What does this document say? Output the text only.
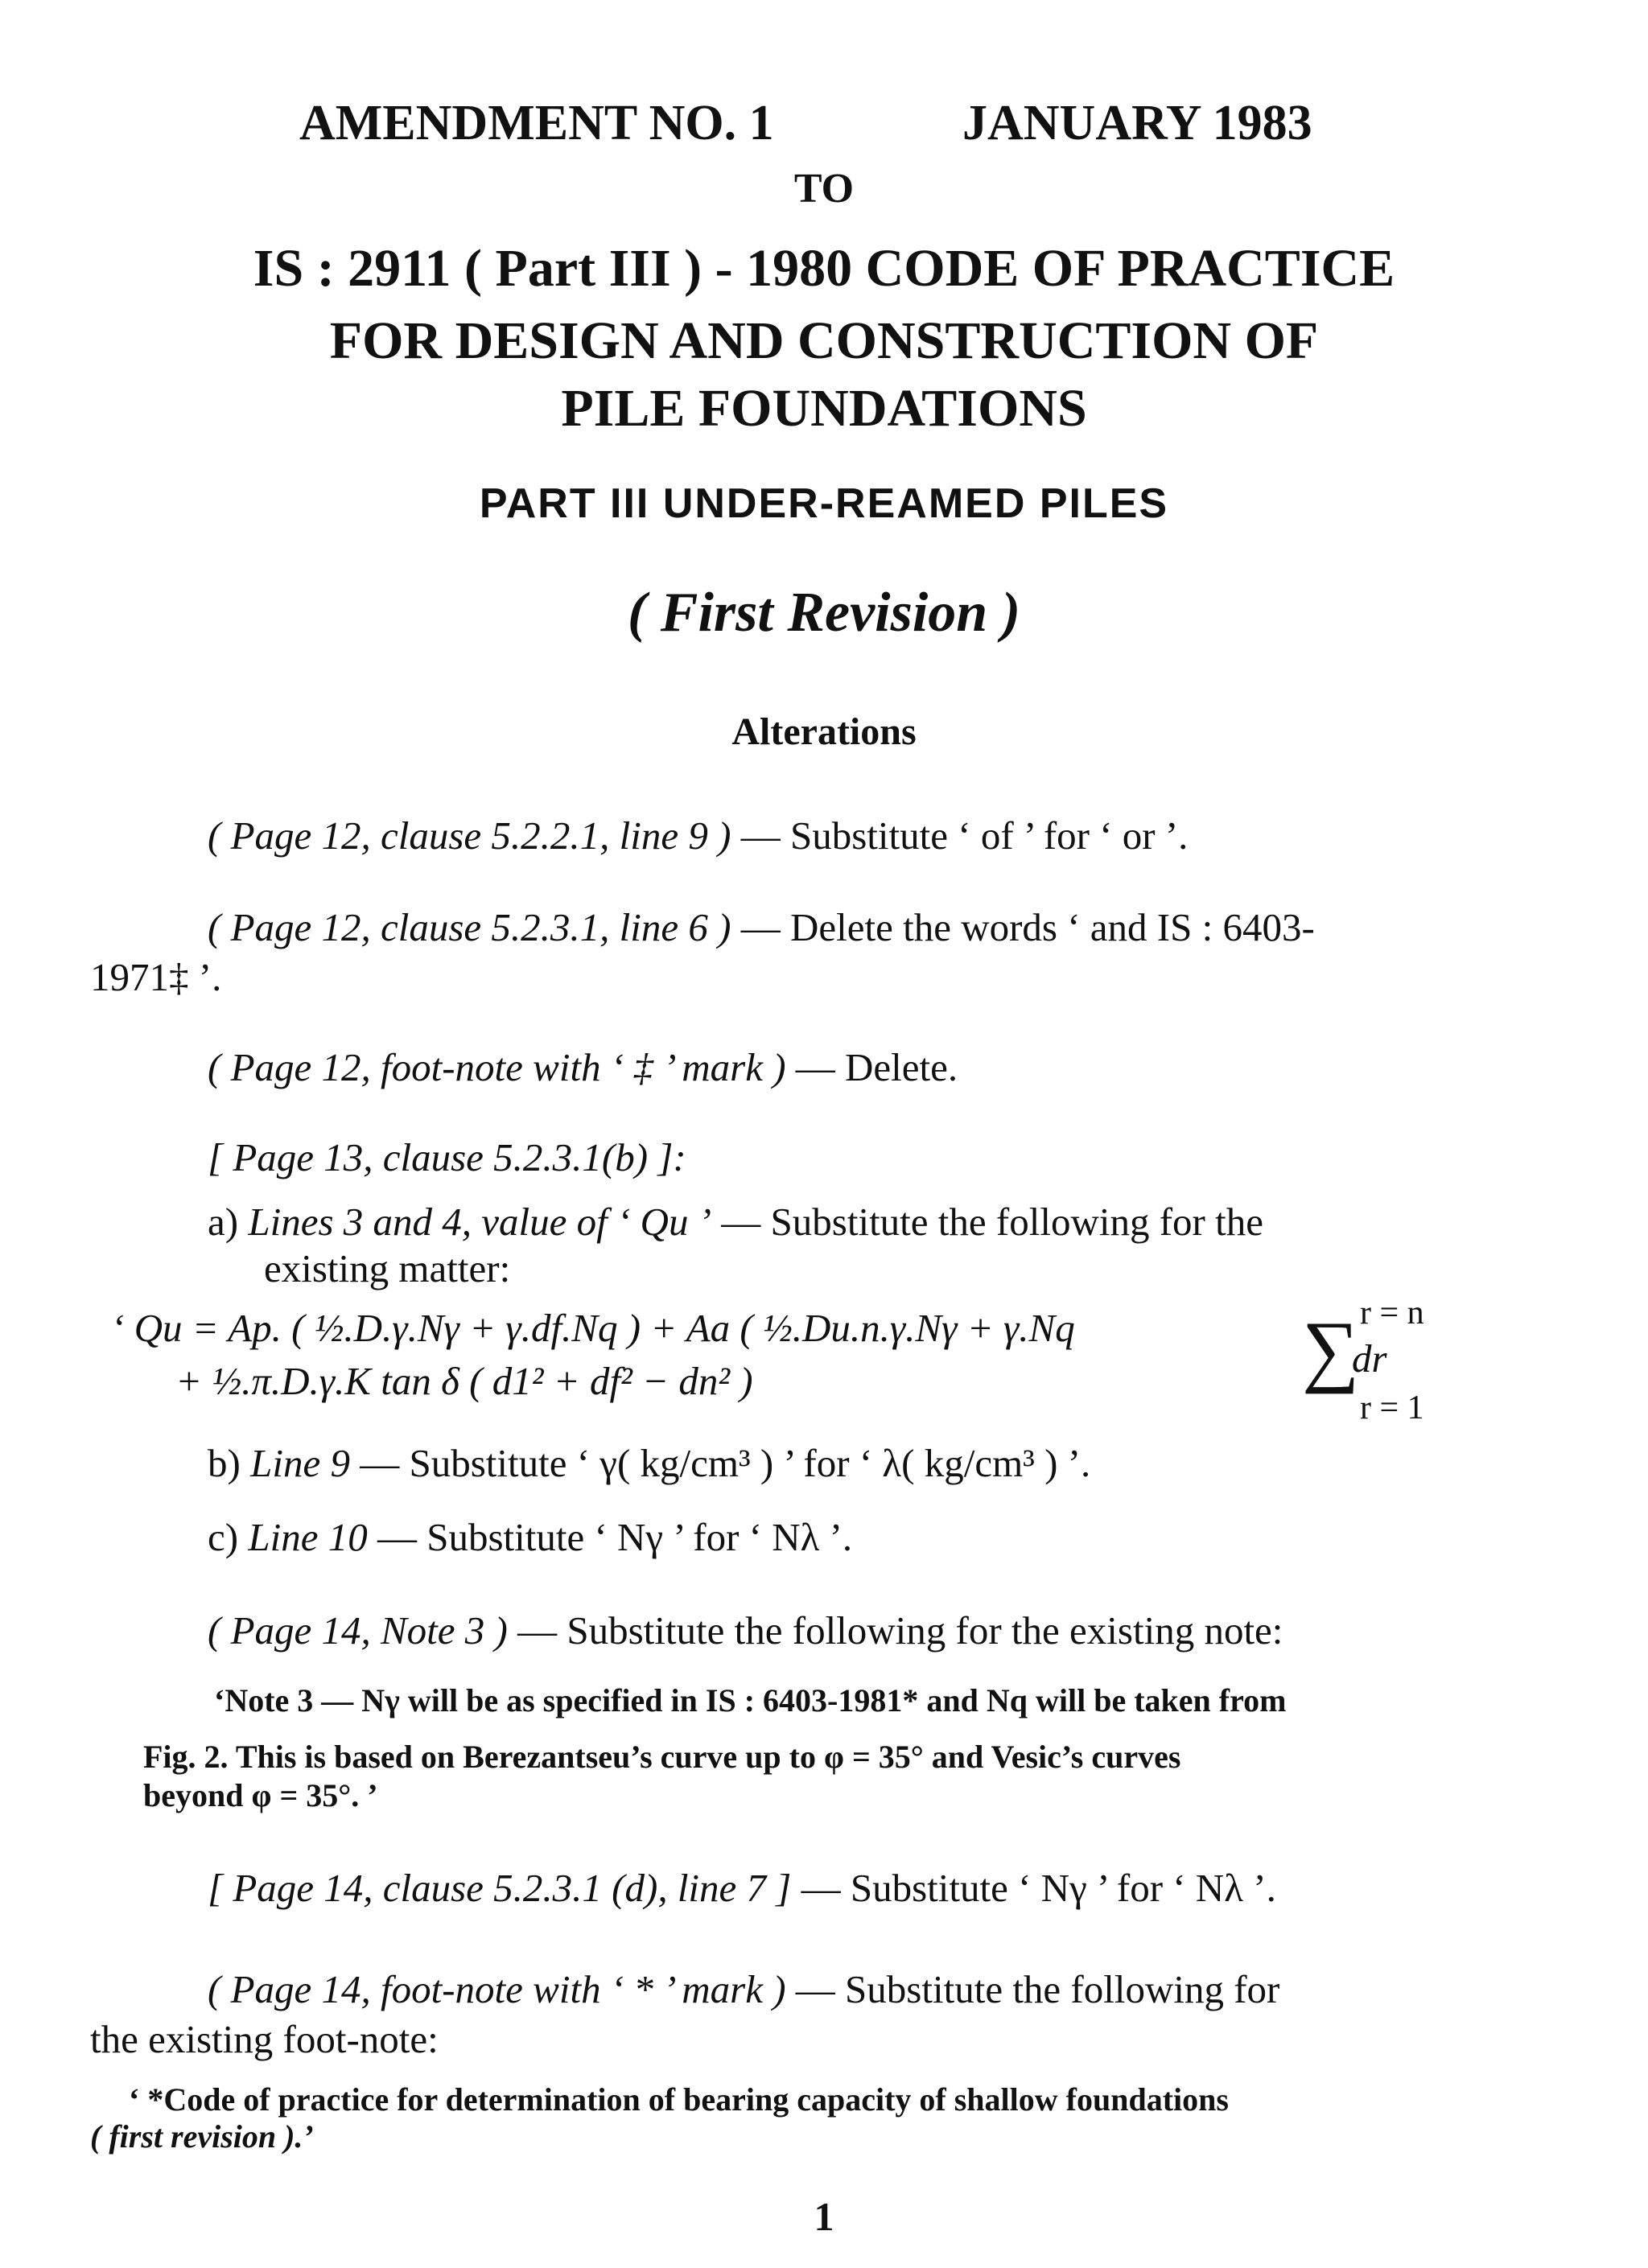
AMENDMENT NO. 1	JANUARY 1983
TO
IS : 2911 ( Part III ) - 1980 CODE OF PRACTICE
FOR DESIGN AND CONSTRUCTION OF
PILE FOUNDATIONS
PART III UNDER-REAMED PILES
( First Revision )
Alterations
( Page 12, clause 5.2.2.1, line 9 ) — Substitute ‘ of ’ for ‘ or ’.
( Page 12, clause 5.2.3.1, line 6 ) — Delete the words ‘ and IS : 6403-
1971‡ ’.
( Page 12, foot-note with ‘ ‡ ’ mark ) — Delete.
[ Page 13, clause 5.2.3.1(b) ]:
a) Lines 3 and 4, value of ‘ Qu ’ — Substitute the following for the
existing matter:
‘ Qu = Ap. ( ½.D.γ.Nγ + γ.df.Nq ) + Aa ( ½.Du.n.γ.Nγ + γ.Nq	∑ r = n
dr
+ ½.π.D.γ.K tan δ ( d1² + df² − dn² )
r = 1
b) Line 9 — Substitute ‘ γ( kg/cm³ ) ’ for ‘ λ( kg/cm³ ) ’.
c) Line 10 — Substitute ‘ Nγ ’ for ‘ Nλ ’.
( Page 14, Note 3 ) — Substitute the following for the existing note:
‘Note 3 — Nγ will be as specified in IS : 6403-1981* and Nq will be taken from
Fig. 2. This is based on Berezantseu’s curve up to φ = 35° and Vesic’s curves
beyond φ = 35°. ’
[ Page 14, clause 5.2.3.1 (d), line 7 ] — Substitute ‘ Nγ ’ for ‘ Nλ ’.
( Page 14, foot-note with ‘ * ’ mark ) — Substitute the following for
the existing foot-note:
‘ *Code of practice for determination of bearing capacity of shallow foundations
( first revision ).’
1
